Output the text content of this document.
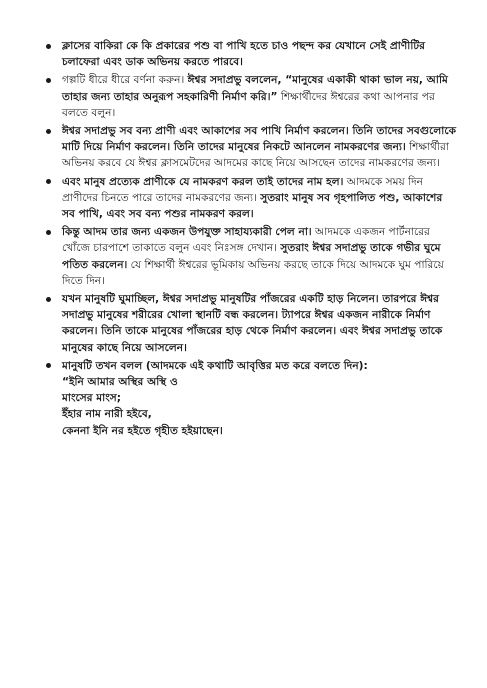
ক্লাসের বাকিরা কে কি প্রকারের পশু বা পাখি হতে চাও পছন্দ কর যেখানে সেই প্রাণীটির চলাফেরা এবং ডাক অভিনয় করতে পারবে।
গল্পটি ধীরে ধীরে বর্ণনা করুন। ঈশ্বর সদাপ্রভু বললেন, “মানুষের একাকী থাকা ভাল নয়, আমি তাহার জন্য তাহার অনুরূপ সহকারিণী নির্মাণ করি।” শিক্ষার্থীদের ঈশ্বরের কথা আপনার পর বলতে বলুন।
ঈশ্বর সদাপ্রভু সব বন্য প্রাণী এবং আকাশের সব পাখি নির্মাণ করলেন। তিনি তাদের সবগুলোকে মাটি দিয়ে নির্মাণ করলেন। তিনি তাদের মানুষের নিকটে আনলেন নামকরণের জন্য। শিক্ষার্থীরা অভিনয় করবে যে ঈশ্বর ক্লাসমেটদের আদমের কাছে নিয়ে আসছেন তাদের নামকরণের জন্য।
এবং মানুষ প্রত্যেক প্রাণীকে যে নামকরণ করল তাই তাদের নাম হল। আদমকে সময় দিন প্রাণীদের চিনতে পারে তাদের নামকরণের জন্য। সুতরাং মানুষ সব গৃহপালিত পশু, আকাশের সব পাখি, এবং সব বন্য পশুর নামকরণ করল।
কিন্তু আদম তার জন্য একজন উপযুক্ত সাহায্যকারী পেল না। আদমকে একজন পার্টনারের খোঁজে চারপাশে তাকাতে বলুন এবং নিঃসঙ্গ দেখান। সুতরাং ঈশ্বর সদাপ্রভু তাকে গভীর ঘুমে পতিত করলেন। যে শিক্ষার্থী ঈশ্বরের ভূমিকায় অভিনয় করছে তাকে দিয়ে আদমকে ঘুম পারিয়ে দিতে দিন।
যখন মানুষটি ঘুমাচ্ছিল, ঈশ্বর সদাপ্রভু মানুষটির পাঁজরের একটি হাড় নিলেন। তারপরে ঈশ্বর সদাপ্রভু মানুষের শরীরের খোলা স্থানটি বন্ধ করলেন। ট্যাপরে ঈশ্বর একজন নারীকে নির্মাণ করলেন। তিনি তাকে মানুষের পাঁজরের হাড় থেকে নির্মাণ করলেন। এবং ঈশ্বর সদাপ্রভু তাকে মানুষের কাছে নিয়ে আসলেন।
মানুষটি তখন বলল (আদমকে এই কথাটি আবৃত্তির মত করে বলতে দিন):
“ইনি আমার অস্থির অস্থি ও
মাংসের মাংস;
ইঁহার নাম নারী হইবে,
কেননা ইনি নর হইতে গৃহীত হইয়াছেন।
